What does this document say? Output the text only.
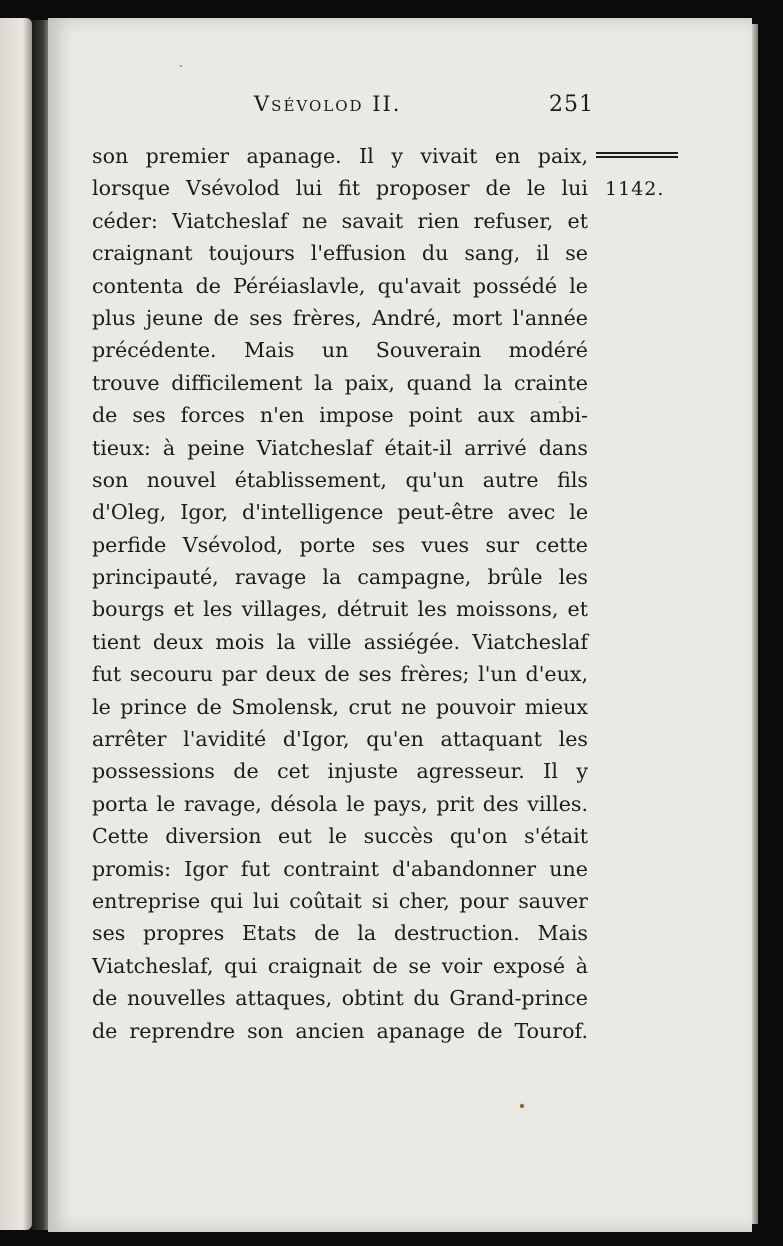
Vsévolod II.	251
1142.
son premier apanage. Il y vivait en paix,
lorsque Vsévolod lui fit proposer de le lui
céder: Viatcheslaf ne savait rien refuser, et
craignant toujours l'effusion du sang, il se
contenta de Péréiaslavle, qu'avait possédé le
plus jeune de ses frères, André, mort l'année
précédente. Mais un Souverain modéré
trouve difficilement la paix, quand la crainte
de ses forces n'en impose point aux ambi-
tieux: à peine Viatcheslaf était-il arrivé dans
son nouvel établissement, qu'un autre fils
d'Oleg, Igor, d'intelligence peut-être avec le
perfide Vsévolod, porte ses vues sur cette
principauté, ravage la campagne, brûle les
bourgs et les villages, détruit les moissons, et
tient deux mois la ville assiégée. Viatcheslaf
fut secouru par deux de ses frères; l'un d'eux,
le prince de Smolensk, crut ne pouvoir mieux
arrêter l'avidité d'Igor, qu'en attaquant les
possessions de cet injuste agresseur. Il y
porta le ravage, désola le pays, prit des villes.
Cette diversion eut le succès qu'on s'était
promis: Igor fut contraint d'abandonner une
entreprise qui lui coûtait si cher, pour sauver
ses propres Etats de la destruction. Mais
Viatcheslaf, qui craignait de se voir exposé à
de nouvelles attaques, obtint du Grand-prince
de reprendre son ancien apanage de Tourof.
